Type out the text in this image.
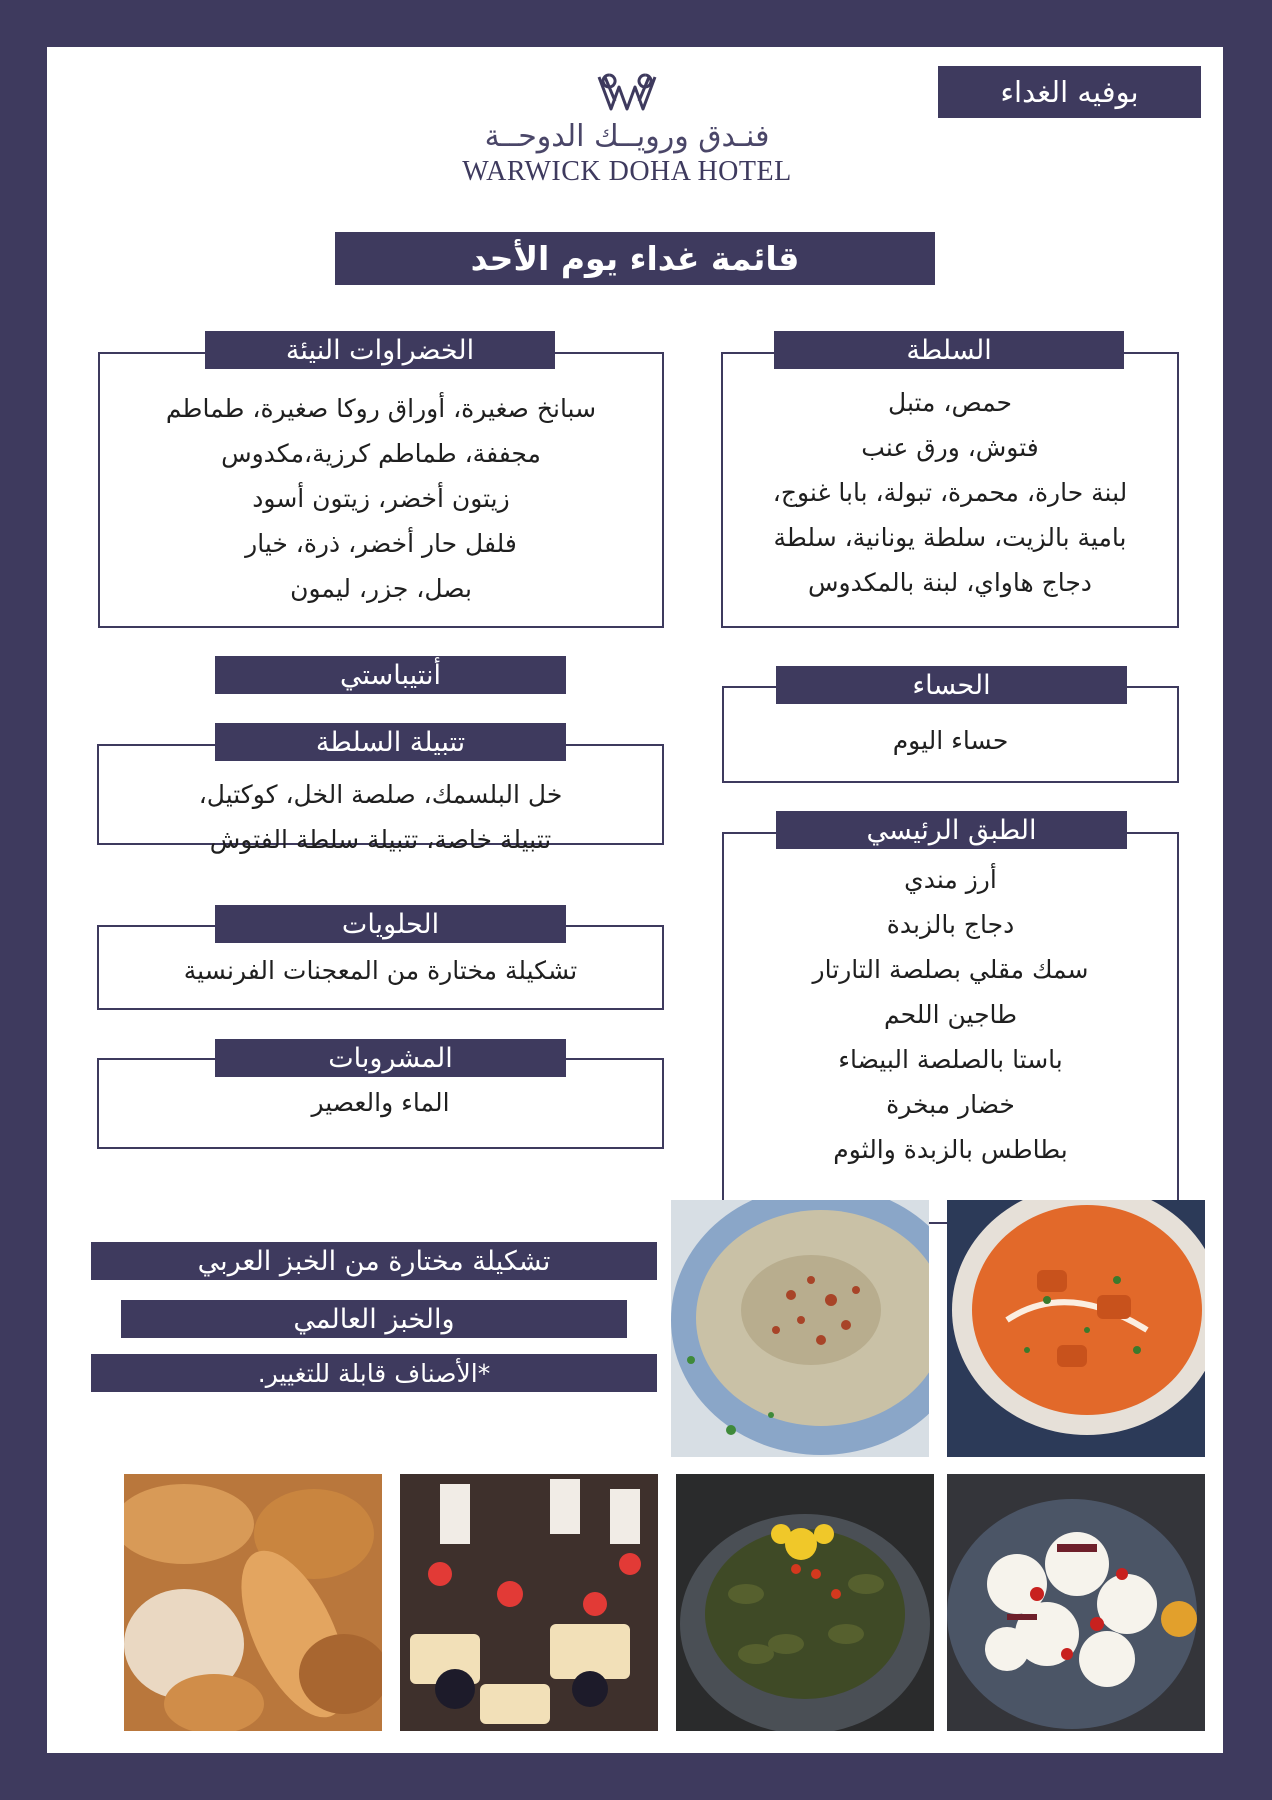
بوفيه الغداء
فنـدق ورويــك الدوحــة
WARWICK DOHA HOTEL
قائمة غداء يوم الأحد
حمص، متبل
فتوش، ورق عنب
لبنة حارة، محمرة، تبولة، بابا غنوج،
بامية بالزيت، سلطة يونانية، سلطة
دجاج هاواي، لبنة بالمكدوس
السلطة
سبانخ صغيرة، أوراق روكا صغيرة، طماطم
مجففة، طماطم كرزية،مكدوس
زيتون أخضر، زيتون أسود
فلفل حار أخضر، ذرة، خيار
بصل، جزر، ليمون
الخضراوات النيئة
أنتيباستي
خل البلسمك، صلصة الخل، كوكتيل،
تتبيلة خاصة، تتبيلة سلطة الفتوش
تتبيلة السلطة	حساء اليوم
الحساء
أرز مندي
دجاج بالزبدة
سمك مقلي بصلصة التارتار
طاجين اللحم
باستا بالصلصة البيضاء
خضار مبخرة
بطاطس بالزبدة والثوم
الطبق الرئيسي
تشكيلة مختارة من المعجنات الفرنسية
الحلويات
الماء والعصير
المشروبات
تشكيلة مختارة من الخبز العربي
والخبز العالمي
*الأصناف قابلة للتغيير.
